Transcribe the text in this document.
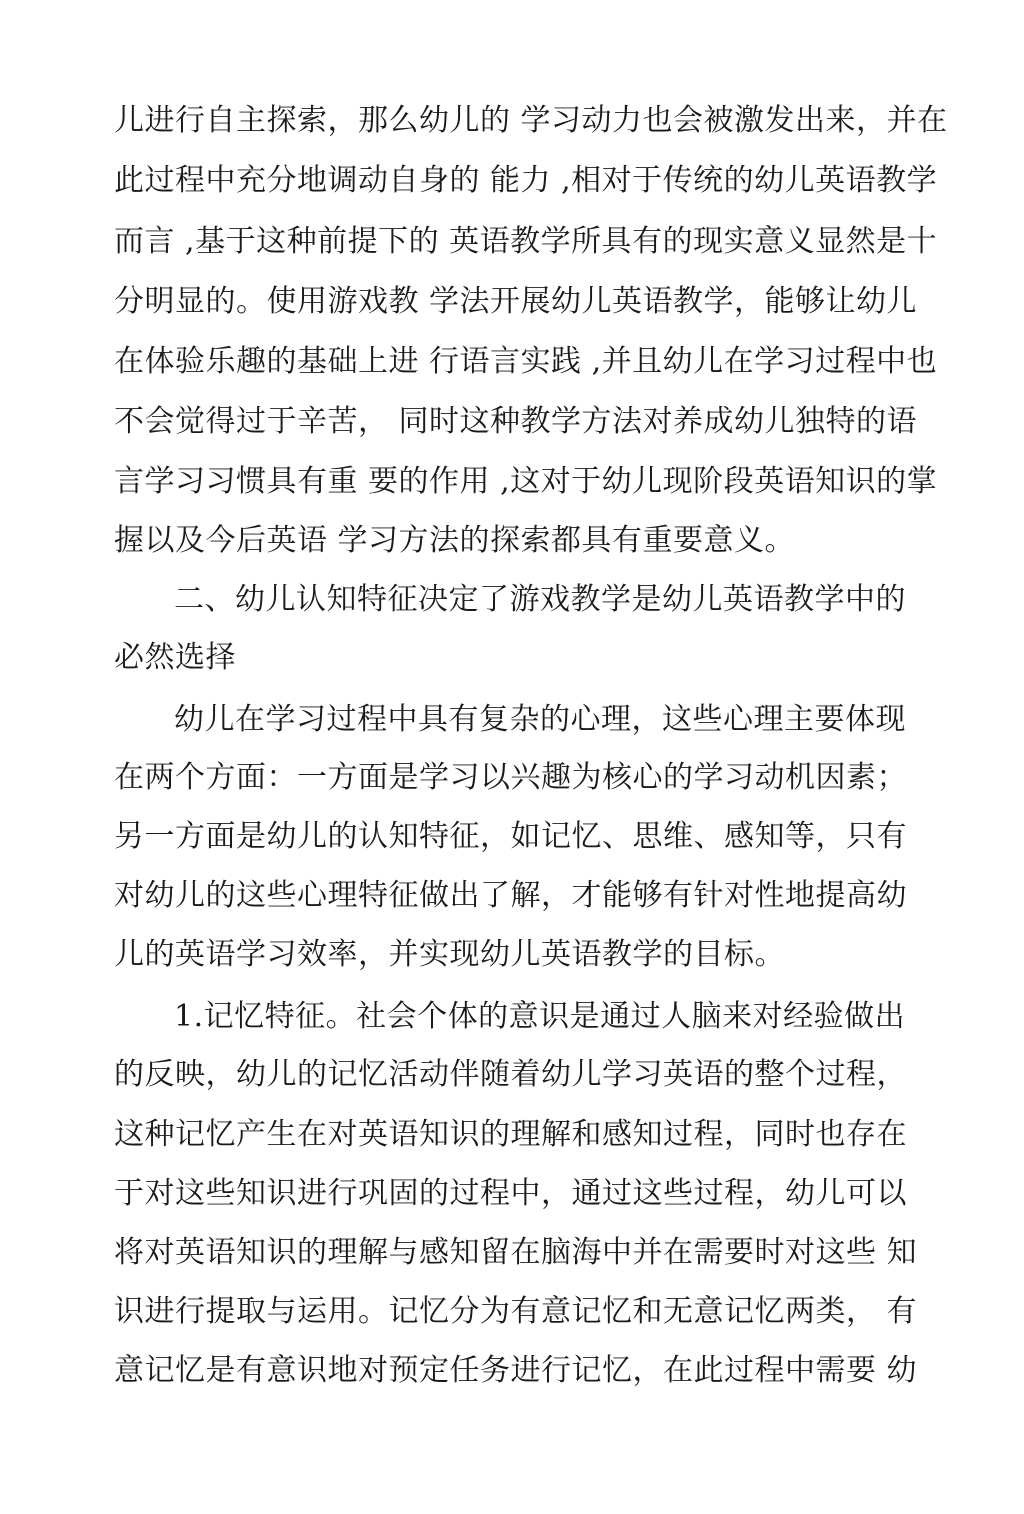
儿进行自主探索，那么幼儿的 学习动力也会被激发出来，并在
此过程中充分地调动自身的 能力 ,相对于传统的幼儿英语教学
而言 ,基于这种前提下的 英语教学所具有的现实意义显然是十
分明显的。使用游戏教 学法开展幼儿英语教学，能够让幼儿
在体验乐趣的基础上进 行语言实践 ,并且幼儿在学习过程中也
不会觉得过于辛苦， 同时这种教学方法对养成幼儿独特的语
言学习习惯具有重 要的作用 ,这对于幼儿现阶段英语知识的掌
握以及今后英语 学习方法的探索都具有重要意义。
二、幼儿认知特征决定了游戏教学是幼儿英语教学中的
必然选择
幼儿在学习过程中具有复杂的心理，这些心理主要体现
在两个方面：一方面是学习以兴趣为核心的学习动机因素；
另一方面是幼儿的认知特征，如记忆、思维、感知等，只有
对幼儿的这些心理特征做出了解，才能够有针对性地提高幼
儿的英语学习效率，并实现幼儿英语教学的目标。
1.记忆特征。社会个体的意识是通过人脑来对经验做出
的反映，幼儿的记忆活动伴随着幼儿学习英语的整个过程，
这种记忆产生在对英语知识的理解和感知过程，同时也存在
于对这些知识进行巩固的过程中，通过这些过程，幼儿可以
将对英语知识的理解与感知留在脑海中并在需要时对这些 知
识进行提取与运用。记忆分为有意记忆和无意记忆两类， 有
意记忆是有意识地对预定任务进行记忆，在此过程中需要 幼
